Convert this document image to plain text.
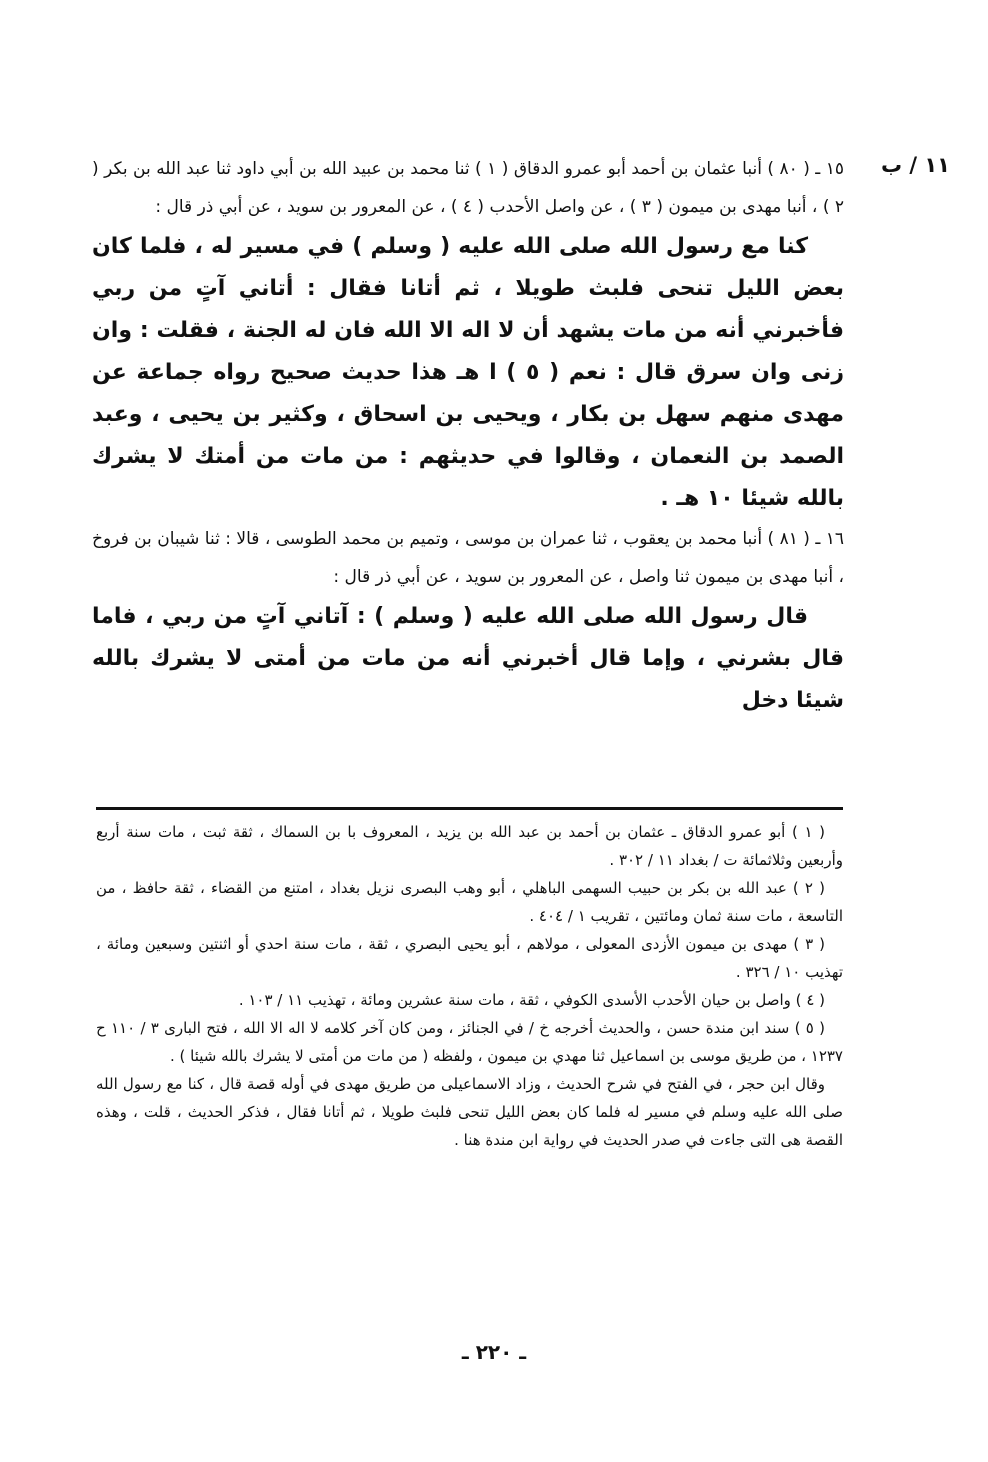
١١ / ب

١٥ ـ ( ٨٠ ) أنبا عثمان بن أحمد أبو عمرو الدقاق ( ١ ) ثنا محمد بن عبيد الله بن أبي داود ثنا عبد الله بن بكر ( ٢ ) ، أنبا مهدى بن ميمون ( ٣ ) ، عن واصل الأحدب ( ٤ ) ، عن المعرور بن سويد ، عن أبي ذر قال :

كنا مع رسول الله صلى الله عليه ( وسلم ) في مسير له ، فلما كان بعض الليل تنحى فلبث طويلا ، ثم أتانا فقال : أتاني آتٍ من ربي فأخبرني أنه من مات يشهد أن لا اله الا الله فان له الجنة ، فقلت : وان زنى وان سرق قال : نعم ( ٥ ) ا هـ هذا حديث صحيح رواه جماعة عن مهدى منهم سهل بن بكار ، ويحيى بن اسحاق ، وكثير بن يحيى ، وعبد الصمد بن النعمان ، وقالوا في حديثهم : من مات من أمتك لا يشرك بالله شيئا ١٠ هـ .

١٦ ـ ( ٨١ ) أنبا محمد بن يعقوب ، ثنا عمران بن موسى ، وتميم بن محمد الطوسى ، قالا : ثنا شيبان بن فروخ ، أنبا مهدى بن ميمون ثنا واصل ، عن المعرور بن سويد ، عن أبي ذر قال :

قال رسول الله صلى الله عليه ( وسلم ) : آتاني آتٍ من ربي ، فاما قال بشرني ، وإما قال أخبرني أنه من مات من أمتى لا يشرك بالله شيئا دخل

( ١ ) أبو عمرو الدقاق ـ عثمان بن أحمد بن عبد الله بن يزيد ، المعروف با بن السماك ، ثقة ثبت ، مات سنة أربع وأربعين وثلاثمائة ت / بغداد ١١ / ٣٠٢ .

( ٢ ) عبد الله بن بكر بن حبيب السهمى الباهلي ، أبو وهب البصرى نزيل بغداد ، امتنع من القضاء ، ثقة حافظ ، من التاسعة ، مات سنة ثمان ومائتين ، تقريب ١ / ٤٠٤ .

( ٣ ) مهدى بن ميمون الأزدى المعولى ، مولاهم ، أبو يحيى البصري ، ثقة ، مات سنة احدي أو اثنتين وسبعين ومائة ، تهذيب ١٠ / ٣٢٦ .

( ٤ ) واصل بن حيان الأحدب الأسدى الكوفي ، ثقة ، مات سنة عشرين ومائة ، تهذيب ١١ / ١٠٣ .

( ٥ ) سند ابن مندة حسن ، والحديث أخرجه خ / في الجنائز ، ومن كان آخر كلامه لا اله الا الله ، فتح البارى ٣ / ١١٠ ح ١٢٣٧ ، من طريق موسى بن اسماعيل ثنا مهدي بن ميمون ، ولفظه ( من مات من أمتى لا يشرك بالله شيئا ) .

وقال ابن حجر ، في الفتح في شرح الحديث ، وزاد الاسماعيلى من طريق مهدى في أوله قصة قال ، كنا مع رسول الله صلى الله عليه وسلم في مسير له فلما كان بعض الليل تنحى فلبث طويلا ، ثم أتانا فقال ، فذكر الحديث ، قلت ، وهذه القصة هى التى جاءت في صدر الحديث في رواية ابن مندة هنا .

ـ ٢٢٠ ـ
